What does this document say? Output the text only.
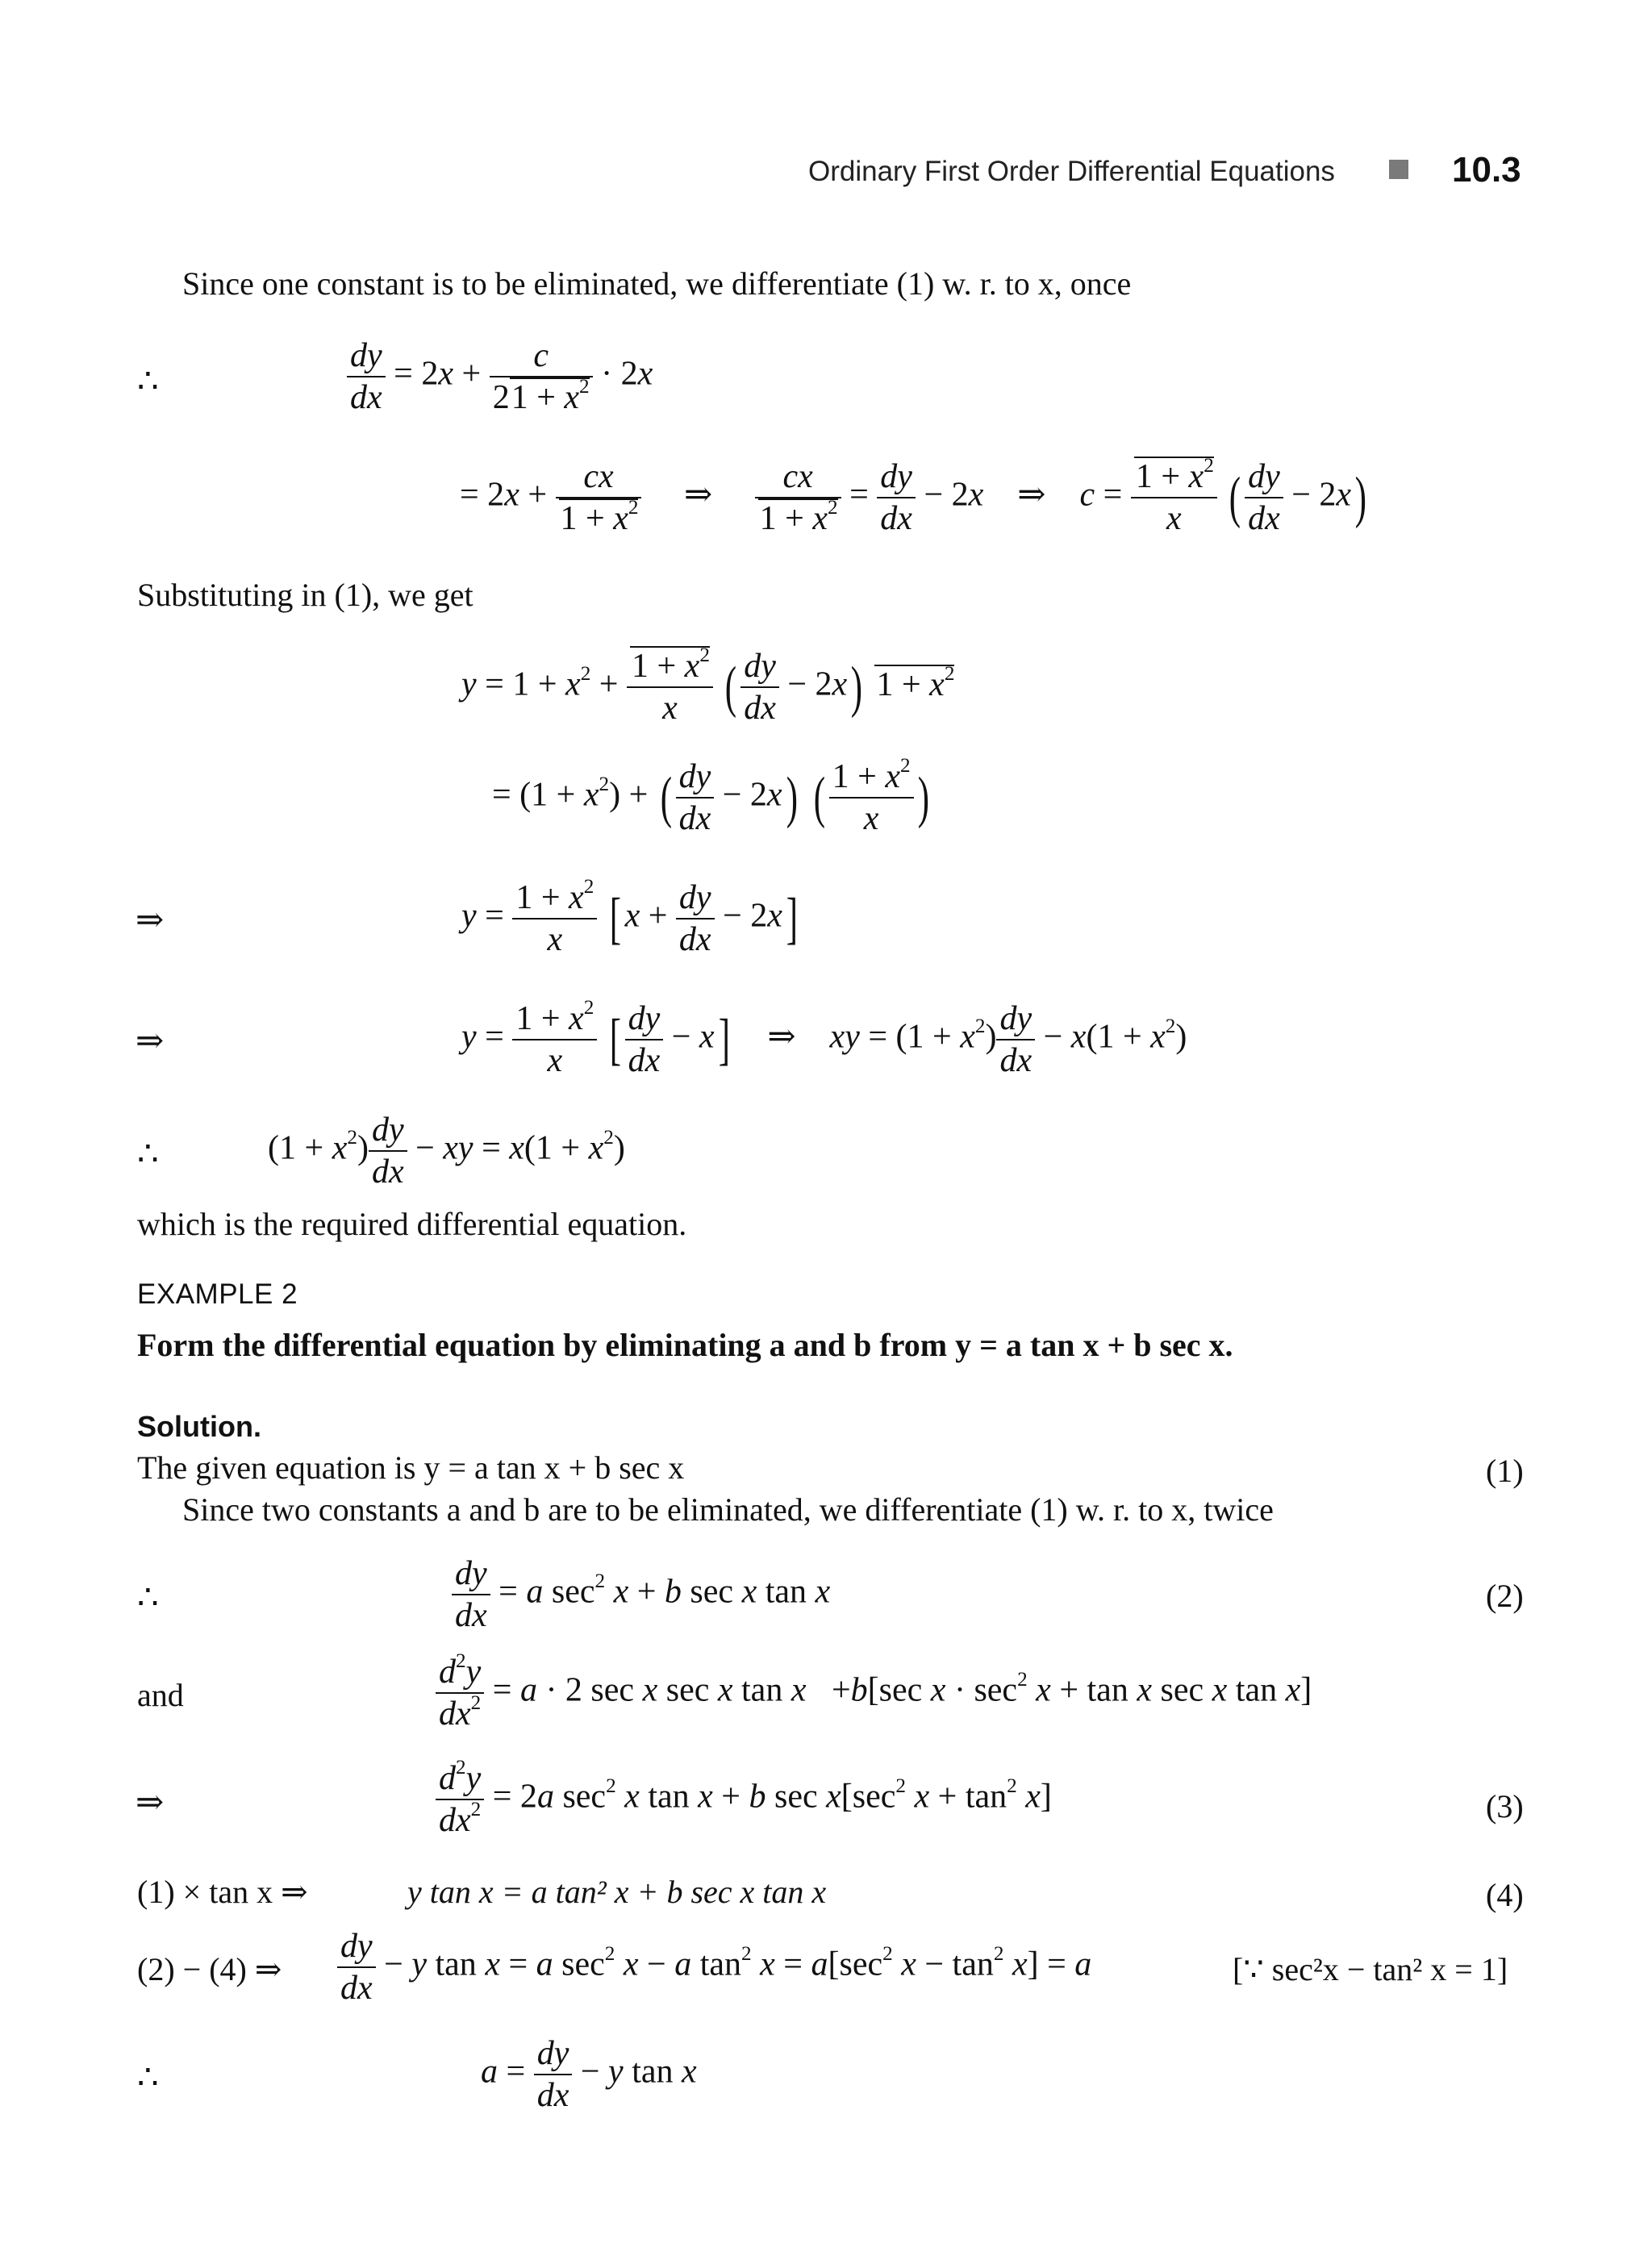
Ordinary First Order Differential Equations	10.3
Since one constant is to be eliminated, we differentiate (1) w. r. to x, once
∴	$\frac{dy}{dx} = 2x + \frac{c}{21 + x^2} \cdot 2x$
= $2x + \frac{cx}{1 + x^2}$ ⇒ $\frac{cx}{1 + x^2} = \frac{dy}{dx} - 2x$    ⇒    $c = \frac{1 + x^2}{x}$ ( $\frac{dy}{dx} - 2x$)
Substituting in (1), we get
$y = 1 + x^2 + \frac{1 + x^2}{x}$ ( $\frac{dy}{dx} - 2x$) $1 + x^2$
= $(1 + x^2)$ + ( $\frac{dy}{dx} - 2x$) ( $\frac{1 + x^2}{x}$ )
⇒	$y = \frac{1 + x^2}{x}$ [ $x + \frac{dy}{dx} - 2x$]
⇒	$y = \frac{1 + x^2}{x}$ [ $\frac{dy}{dx} - x$]    ⇒    xy = $(1 + x^2) \frac{dy}{dx} - x(1 + x^2)$
∴	$(1 + x^2) \frac{dy}{dx}$ − xy = $x(1 + x^2)$
which is the required differential equation.
EXAMPLE 2
Form the differential equation by eliminating a and b from y = a tan x + b sec x.
Solution.
The given equation is y = a tan x + b sec x	(1)
Since two constants a and b are to be eliminated, we differentiate (1) w. r. to x, twice
∴	$\frac{dy}{dx} = a$ $\sec^2 x + b$ sec x tan x	(2)
and	$\frac{d^2y}{dx^2} = a \cdot 2$ sec x sec x tan x   +b[sec $x \cdot \sec^2 x + \tan x$ sec x tan x]
⇒	$\frac{d^2y}{dx^2} = 2a$ $\sec^2 x$ tan x + b $\sec x[\sec^2$ $x + \tan^2 x$]	(3)
(1) × tan x ⇒	y tan x = a tan² x + b sec x tan x	(4)
(2) − (4) ⇒ $\frac{dy}{dx} - y$ tan x = a $\sec^2 x - a$ $\tan^2 x = a[\sec^2$ $x - \tan^2 x] = a$	[∵ sec²x − tan² x = 1]
∴	$a = \frac{dy}{dx} - y$ tan x
